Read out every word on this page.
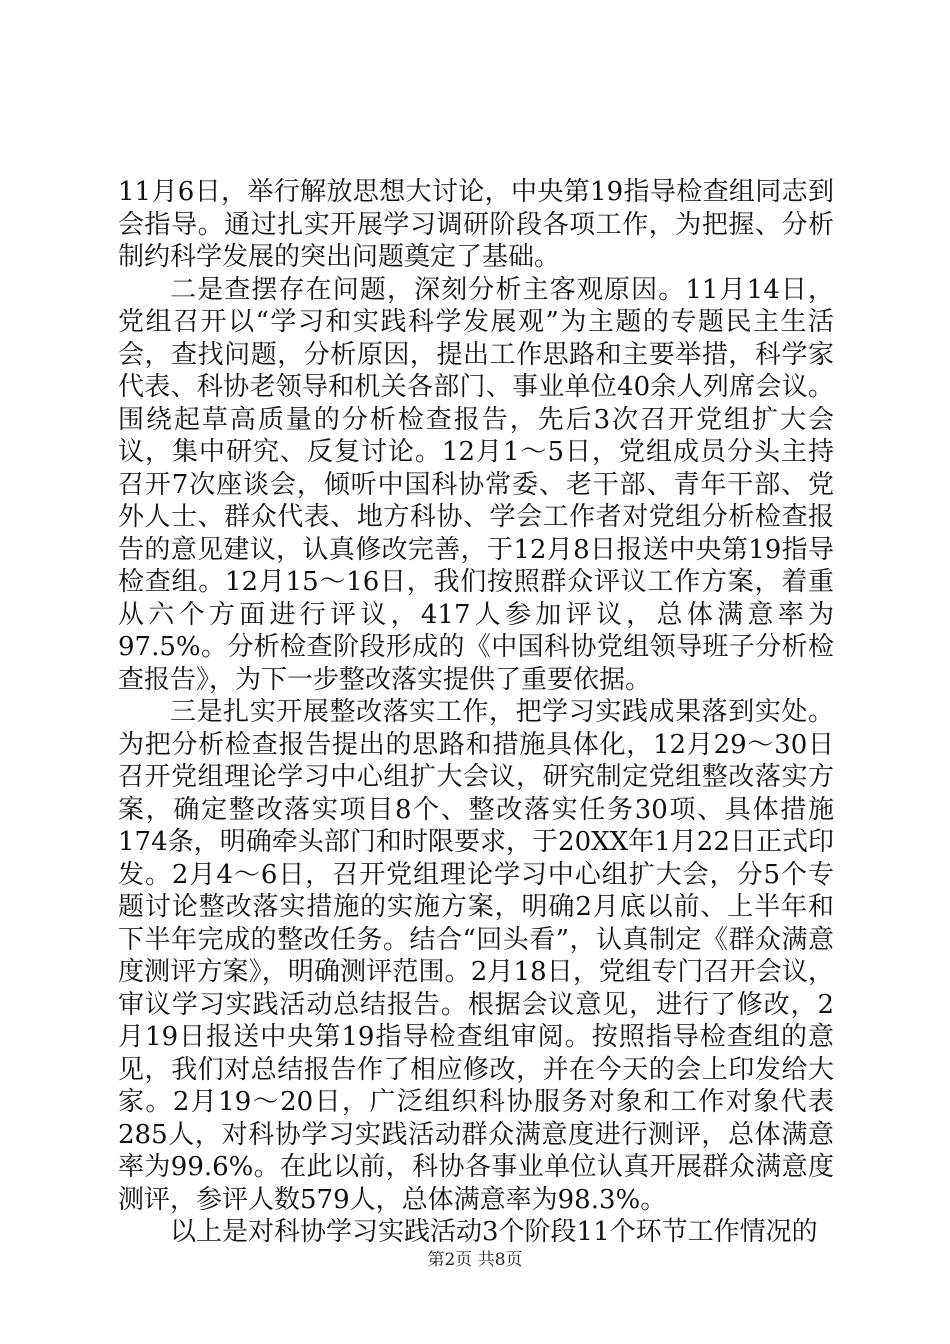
11月6日，举行解放思想大讨论，中央第19指导检查组同志到会指导。通过扎实开展学习调研阶段各项工作，为把握、分析制约科学发展的突出问题奠定了基础。

二是查摆存在问题，深刻分析主客观原因。11月14日，党组召开以“学习和实践科学发展观”为主题的专题民主生活会，查找问题，分析原因，提出工作思路和主要举措，科学家代表、科协老领导和机关各部门、事业单位40余人列席会议。围绕起草高质量的分析检查报告，先后3次召开党组扩大会议，集中研究、反复讨论。12月1～5日，党组成员分头主持召开7次座谈会，倾听中国科协常委、老干部、青年干部、党外人士、群众代表、地方科协、学会工作者对党组分析检查报告的意见建议，认真修改完善，于12月8日报送中央第19指导检查组。12月15～16日，我们按照群众评议工作方案，着重从六个方面进行评议，417人参加评议，总体满意率为97.5%。分析检查阶段形成的《中国科协党组领导班子分析检查报告》，为下一步整改落实提供了重要依据。

三是扎实开展整改落实工作，把学习实践成果落到实处。为把分析检查报告提出的思路和措施具体化，12月29～30日召开党组理论学习中心组扩大会议，研究制定党组整改落实方案，确定整改落实项目8个、整改落实任务30项、具体措施174条，明确牵头部门和时限要求，于20XX年1月22日正式印发。2月4～6日，召开党组理论学习中心组扩大会，分5个专题讨论整改落实措施的实施方案，明确2月底以前、上半年和下半年完成的整改任务。结合“回头看”，认真制定《群众满意度测评方案》，明确测评范围。2月18日，党组专门召开会议，审议学习实践活动总结报告。根据会议意见，进行了修改，2月19日报送中央第19指导检查组审阅。按照指导检查组的意见，我们对总结报告作了相应修改，并在今天的会上印发给大家。2月19～20日，广泛组织科协服务对象和工作对象代表285人，对科协学习实践活动群众满意度进行测评，总体满意率为99.6%。在此以前，科协各事业单位认真开展群众满意度测评，参评人数579人，总体满意率为98.3%。

以上是对科协学习实践活动3个阶段11个环节工作情况的

第2页 共8页
